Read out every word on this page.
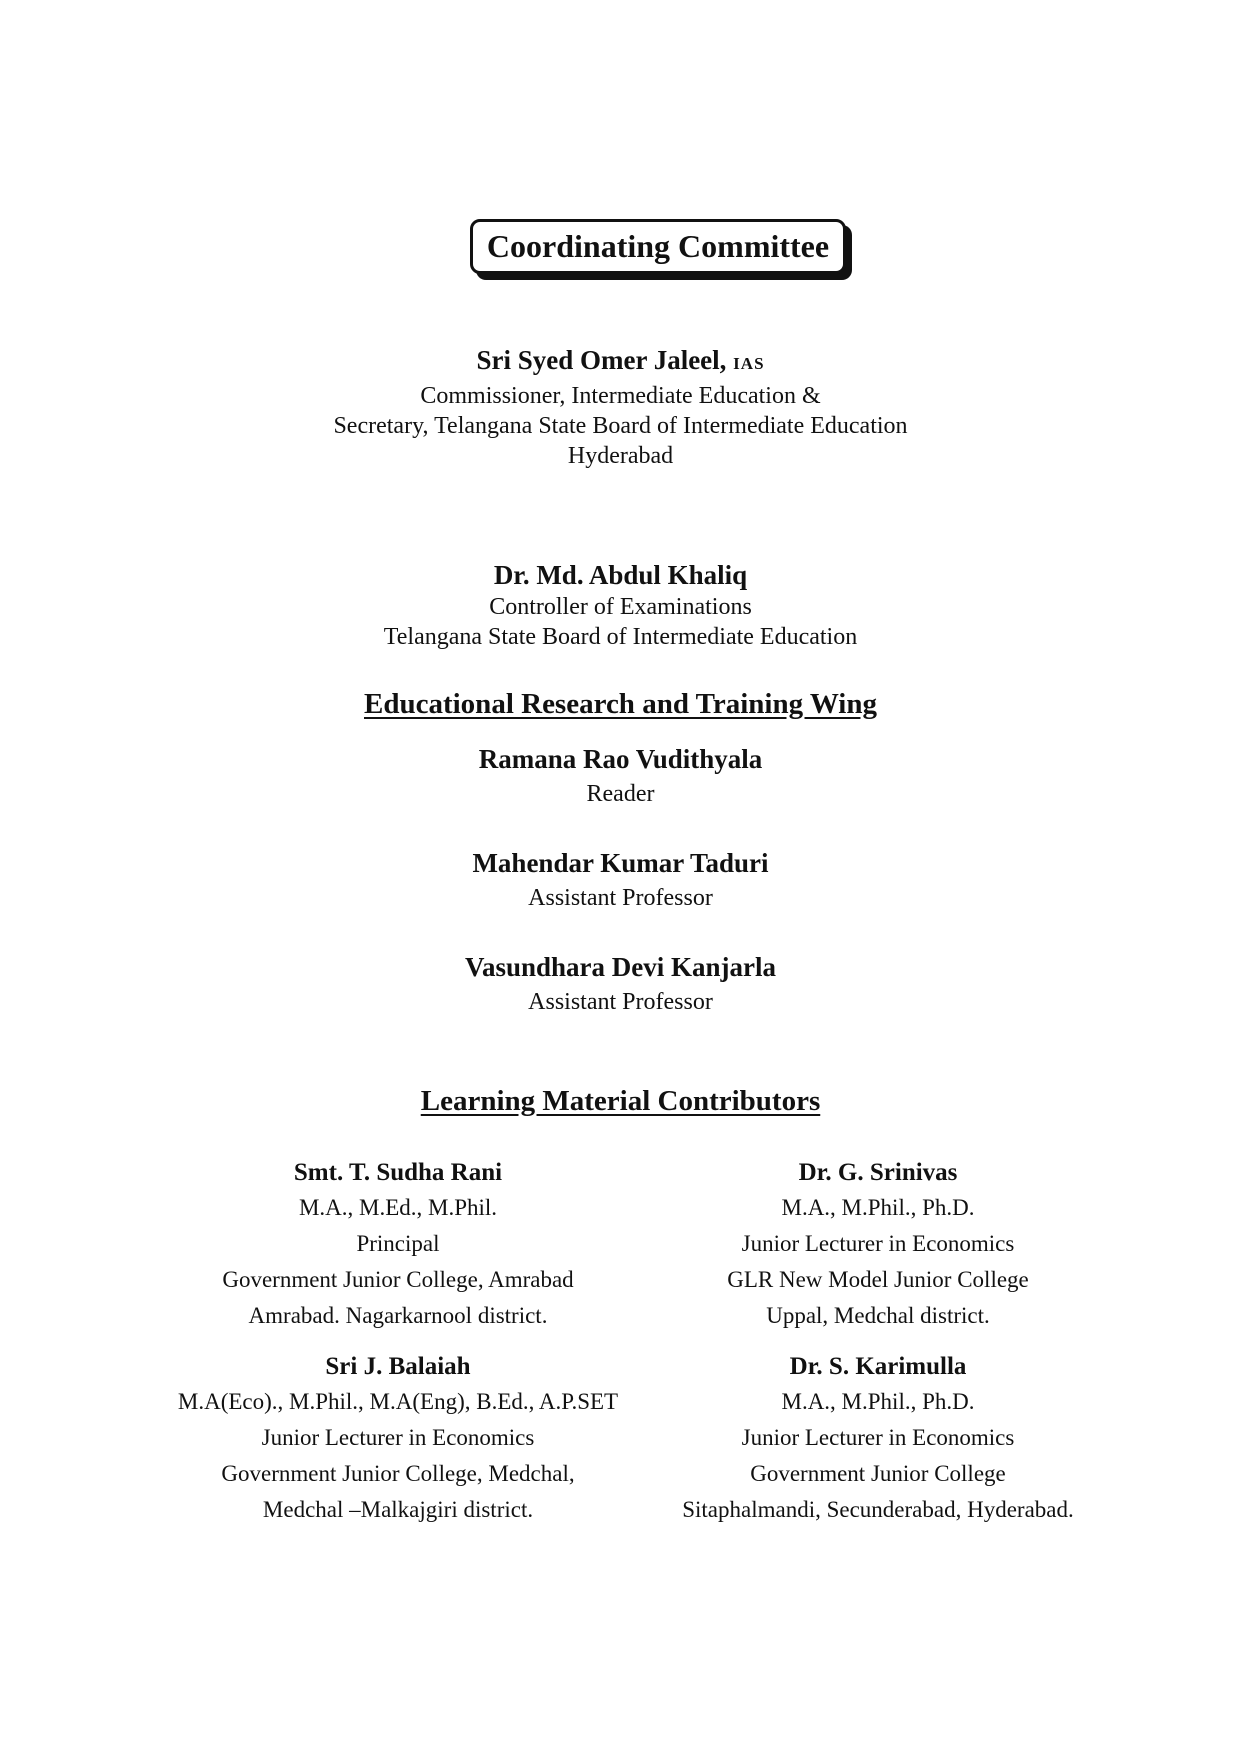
Coordinating Committee
Sri Syed Omer Jaleel, IAS
Commissioner, Intermediate Education &
Secretary, Telangana State Board of Intermediate Education
Hyderabad
Dr. Md. Abdul Khaliq
Controller of Examinations
Telangana State Board of Intermediate Education
Educational Research and Training Wing
Ramana Rao Vudithyala
Reader
Mahendar Kumar Taduri
Assistant Professor
Vasundhara Devi Kanjarla
Assistant Professor
Learning Material Contributors
Smt. T. Sudha Rani
M.A., M.Ed., M.Phil.
Principal
Government Junior College, Amrabad
Amrabad. Nagarkarnool district.
Sri J. Balaiah
M.A(Eco)., M.Phil., M.A(Eng), B.Ed., A.P.SET
Junior Lecturer in Economics
Government Junior College, Medchal,
Medchal –Malkajgiri district.
Dr. G. Srinivas
M.A., M.Phil., Ph.D.
Junior Lecturer in Economics
GLR New Model Junior College
Uppal, Medchal district.
Dr. S. Karimulla
M.A., M.Phil., Ph.D.
Junior Lecturer in Economics
Government Junior College
Sitaphalmandi, Secunderabad, Hyderabad.
